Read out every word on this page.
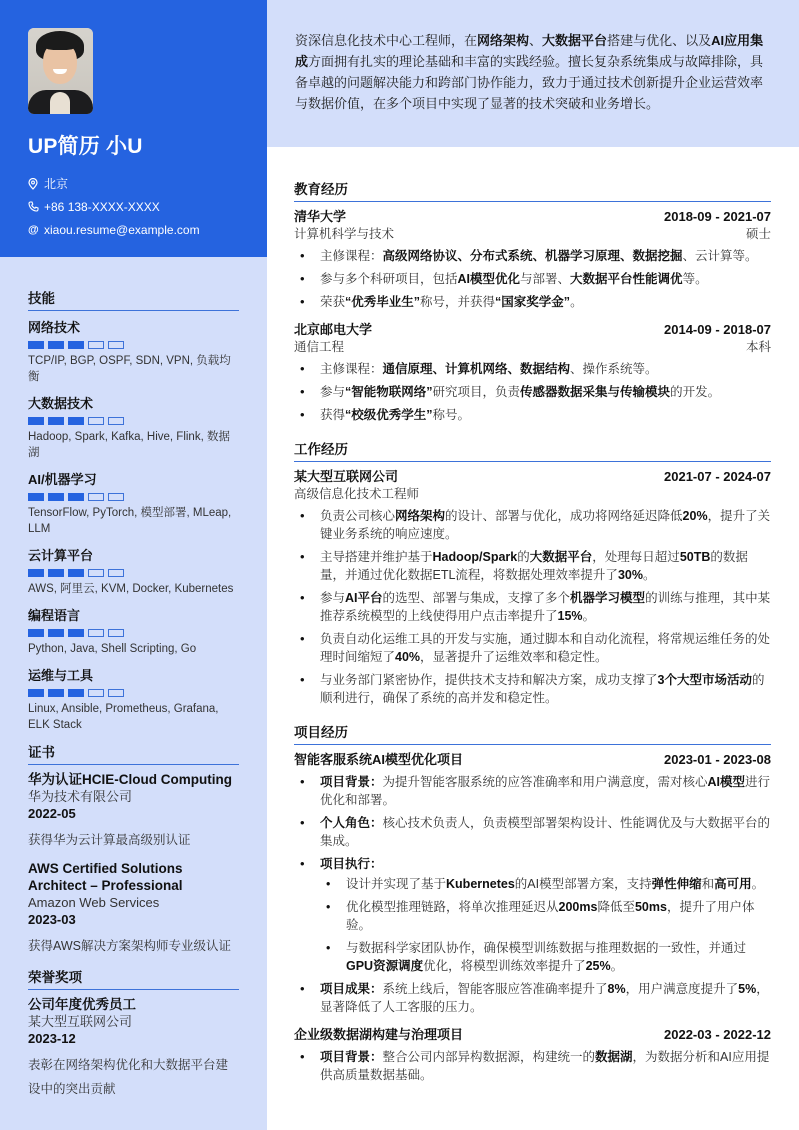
UP简历 小U
北京
+86 138-XXXX-XXXX
@ xiaou.resume@example.com
技能
网络技术
TCP/IP, BGP, OSPF, SDN, VPN, 负载均衡
大数据技术
Hadoop, Spark, Kafka, Hive, Flink, 数据湖
AI/机器学习
TensorFlow, PyTorch, 模型部署, MLeap, LLM
云计算平台
AWS, 阿里云, KVM, Docker, Kubernetes
编程语言
Python, Java, Shell Scripting, Go
运维与工具
Linux, Ansible, Prometheus, Grafana, ELK Stack
证书
华为认证HCIE-Cloud Computing
华为技术有限公司
2022-05
获得华为云计算最高级别认证
AWS Certified Solutions Architect – Professional
Amazon Web Services
2023-03
获得AWS解决方案架构师专业级认证
荣誉奖项
公司年度优秀员工
某大型互联网公司
2023-12
表彰在网络架构优化和大数据平台建设中的突出贡献

资深信息化技术中心工程师，在网络架构、大数据平台搭建与优化、以及AI应用集成方面拥有扎实的理论基础和丰富的实践经验。擅长复杂系统集成与故障排除，具备卓越的问题解决能力和跨部门协作能力，致力于通过技术创新提升企业运营效率与数据价值，在多个项目中实现了显著的技术突破和业务增长。

教育经历
清华大学	2018-09 - 2021-07
计算机科学与技术	硕士
• 主修课程：高级网络协议、分布式系统、机器学习原理、数据挖掘、云计算等。
• 参与多个科研项目，包括AI模型优化与部署、大数据平台性能调优等。
• 荣获“优秀毕业生”称号，并获得“国家奖学金”。
北京邮电大学	2014-09 - 2018-07
通信工程	本科
• 主修课程：通信原理、计算机网络、数据结构、操作系统等。
• 参与“智能物联网络”研究项目，负责传感器数据采集与传输模块的开发。
• 获得“校级优秀学生”称号。
工作经历
某大型互联网公司	2021-07 - 2024-07
高级信息化技术工程师
• 负责公司核心网络架构的设计、部署与优化，成功将网络延迟降低20%，提升了关键业务系统的响应速度。
• 主导搭建并维护基于Hadoop/Spark的大数据平台，处理每日超过50TB的数据量，并通过优化数据ETL流程，将数据处理效率提升了30%。
• 参与AI平台的选型、部署与集成，支撑了多个机器学习模型的训练与推理，其中某推荐系统模型的上线使得用户点击率提升了15%。
• 负责自动化运维工具的开发与实施，通过脚本和自动化流程，将常规运维任务的处理时间缩短了40%，显著提升了运维效率和稳定性。
• 与业务部门紧密协作，提供技术支持和解决方案，成功支撑了3个大型市场活动的顺利进行，确保了系统的高并发和稳定性。
项目经历
智能客服系统AI模型优化项目	2023-01 - 2023-08
• 项目背景：为提升智能客服系统的应答准确率和用户满意度，需对核心AI模型进行优化和部署。
• 个人角色：核心技术负责人，负责模型部署架构设计、性能调优及与大数据平台的集成。
• 项目执行：
• 设计并实现了基于Kubernetes的AI模型部署方案，支持弹性伸缩和高可用。
• 优化模型推理链路，将单次推理延迟从200ms降低至50ms，提升了用户体验。
• 与数据科学家团队协作，确保模型训练数据与推理数据的一致性，并通过GPU资源调度优化，将模型训练效率提升了25%。
• 项目成果：系统上线后，智能客服应答准确率提升了8%，用户满意度提升了5%，显著降低了人工客服的压力。
企业级数据湖构建与治理项目	2022-03 - 2022-12
• 项目背景：整合公司内部异构数据源，构建统一的数据湖，为数据分析和AI应用提供高质量数据基础。
